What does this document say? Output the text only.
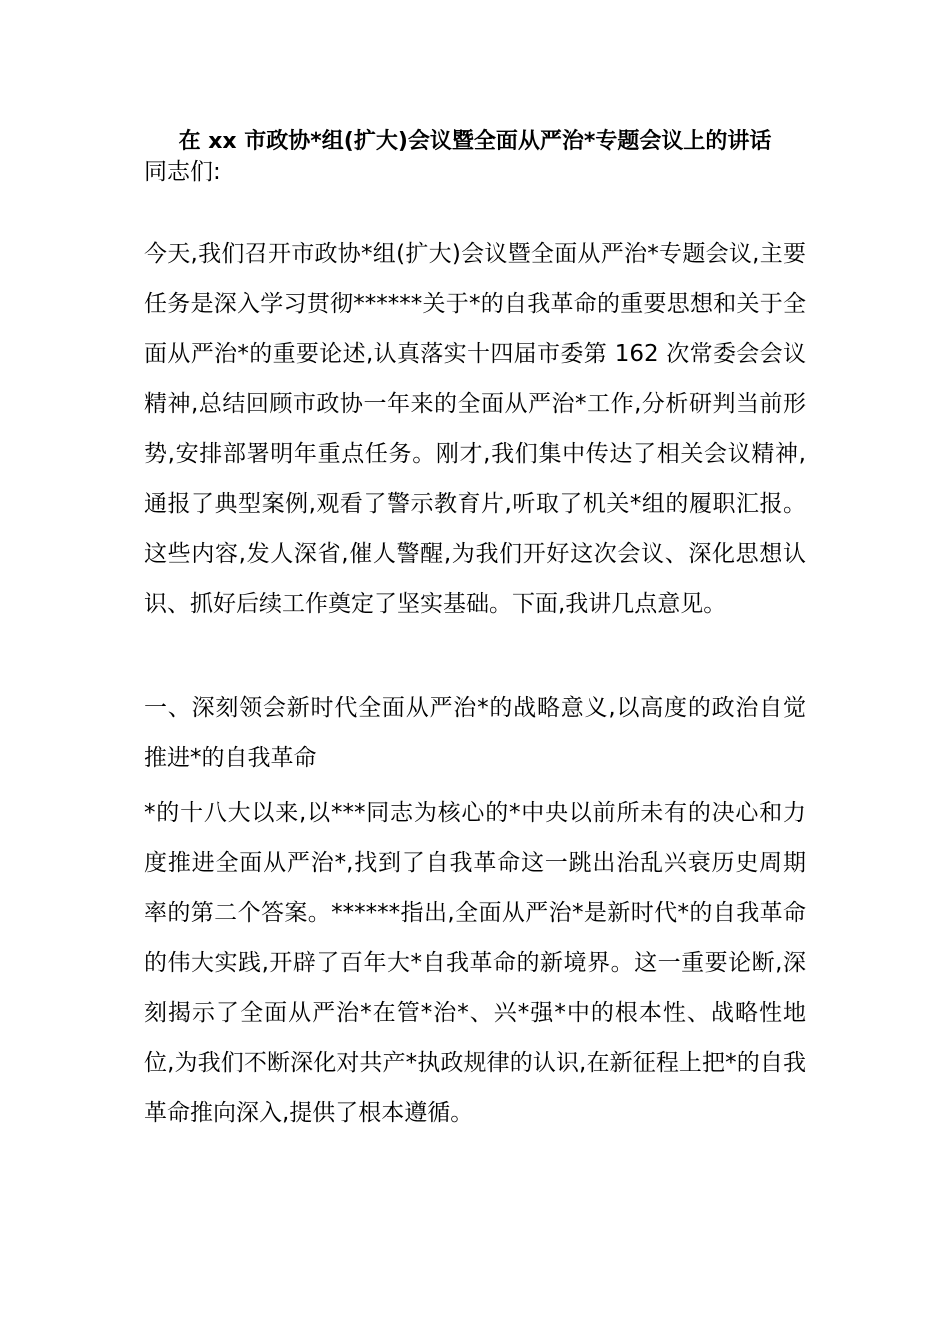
在 xx 市政协*组(扩大)会议暨全面从严治*专题会议上的讲话

同志们:

今天,我们召开市政协*组(扩大)会议暨全面从严治*专题会议,主要任务是深入学习贯彻******关于*的自我革命的重要思想和关于全面从严治*的重要论述,认真落实十四届市委第 162 次常委会会议精神,总结回顾市政协一年来的全面从严治*工作,分析研判当前形势,安排部署明年重点任务。刚才,我们集中传达了相关会议精神,通报了典型案例,观看了警示教育片,听取了机关*组的履职汇报。这些内容,发人深省,催人警醒,为我们开好这次会议、深化思想认识、抓好后续工作奠定了坚实基础。下面,我讲几点意见。

一、深刻领会新时代全面从严治*的战略意义,以高度的政治自觉推进*的自我革命

*的十八大以来,以***同志为核心的*中央以前所未有的决心和力度推进全面从严治*,找到了自我革命这一跳出治乱兴衰历史周期率的第二个答案。******指出,全面从严治*是新时代*的自我革命的伟大实践,开辟了百年大*自我革命的新境界。这一重要论断,深刻揭示了全面从严治*在管*治*、兴*强*中的根本性、战略性地位,为我们不断深化对共产*执政规律的认识,在新征程上把*的自我革命推向深入,提供了根本遵循。
